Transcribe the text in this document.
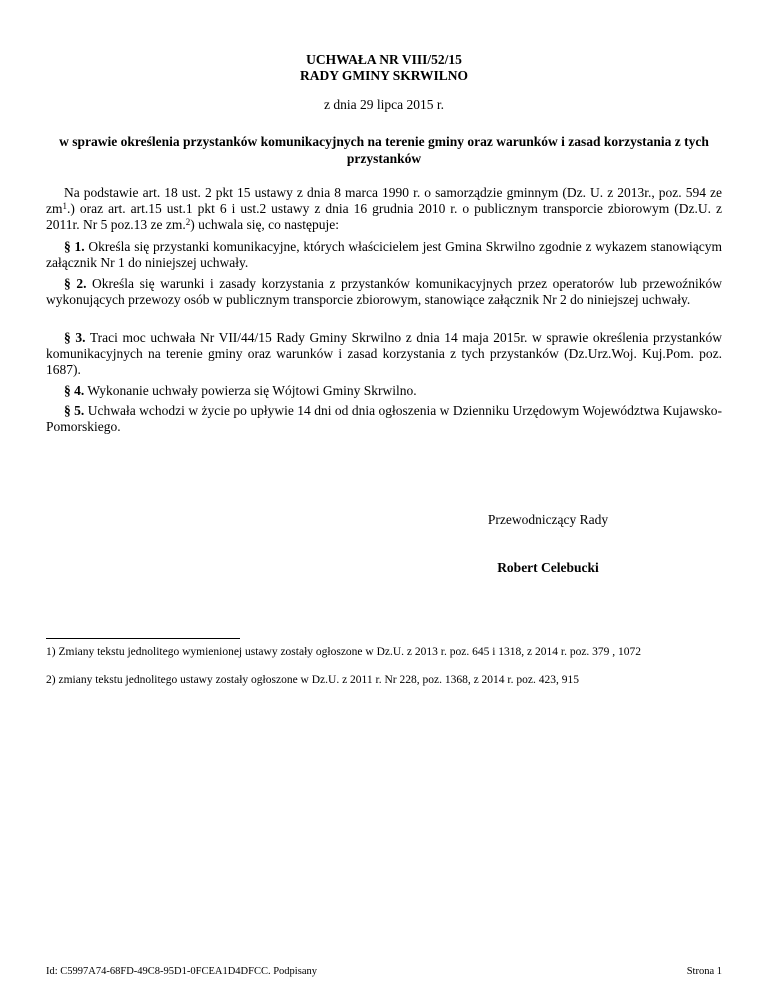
UCHWAŁA NR VIII/52/15
RADY GMINY SKRWILNO
z dnia 29 lipca 2015 r.
w sprawie określenia przystanków komunikacyjnych na terenie gminy oraz warunków i zasad korzystania z tych przystanków
Na podstawie art. 18 ust. 2 pkt 15 ustawy z dnia 8 marca 1990 r. o samorządzie gminnym (Dz. U. z 2013r., poz. 594 ze $zm^1$.) oraz art. art.15 ust.1 pkt 6 i ust.2 ustawy z dnia 16 grudnia 2010 r. o publicznym transporcie zbiorowym (Dz.U. z 2011r. Nr 5 poz.13 ze zm.$^2$) uchwala się, co następuje:
§ 1. Określa się przystanki komunikacyjne, których właścicielem jest Gmina Skrwilno zgodnie z wykazem stanowiącym załącznik Nr 1 do niniejszej uchwały.
§ 2. Określa się warunki i zasady korzystania z przystanków komunikacyjnych przez operatorów lub przewoźników wykonujących przewozy osób w publicznym transporcie zbiorowym, stanowiące załącznik Nr 2 do niniejszej uchwały.
§ 3. Traci moc uchwała Nr VII/44/15 Rady Gminy Skrwilno z dnia 14 maja 2015r. w sprawie określenia przystanków komunikacyjnych na terenie gminy oraz warunków i zasad korzystania z tych przystanków (Dz.Urz.Woj. Kuj.Pom. poz. 1687).
§ 4. Wykonanie uchwały powierza się Wójtowi Gminy Skrwilno.
§ 5. Uchwała wchodzi w życie po upływie 14 dni od dnia ogłoszenia w Dzienniku Urzędowym Województwa Kujawsko-Pomorskiego.
Przewodniczący Rady
Robert Celebucki
1) Zmiany tekstu jednolitego wymienionej ustawy zostały ogłoszone w Dz.U. z 2013 r. poz. 645 i 1318, z 2014 r. poz. 379 , 1072
2) zmiany tekstu jednolitego ustawy zostały ogłoszone w Dz.U. z 2011 r. Nr 228, poz. 1368, z 2014 r. poz. 423, 915
Id: C5997A74-68FD-49C8-95D1-0FCEA1D4DFCC. Podpisany	Strona 1
